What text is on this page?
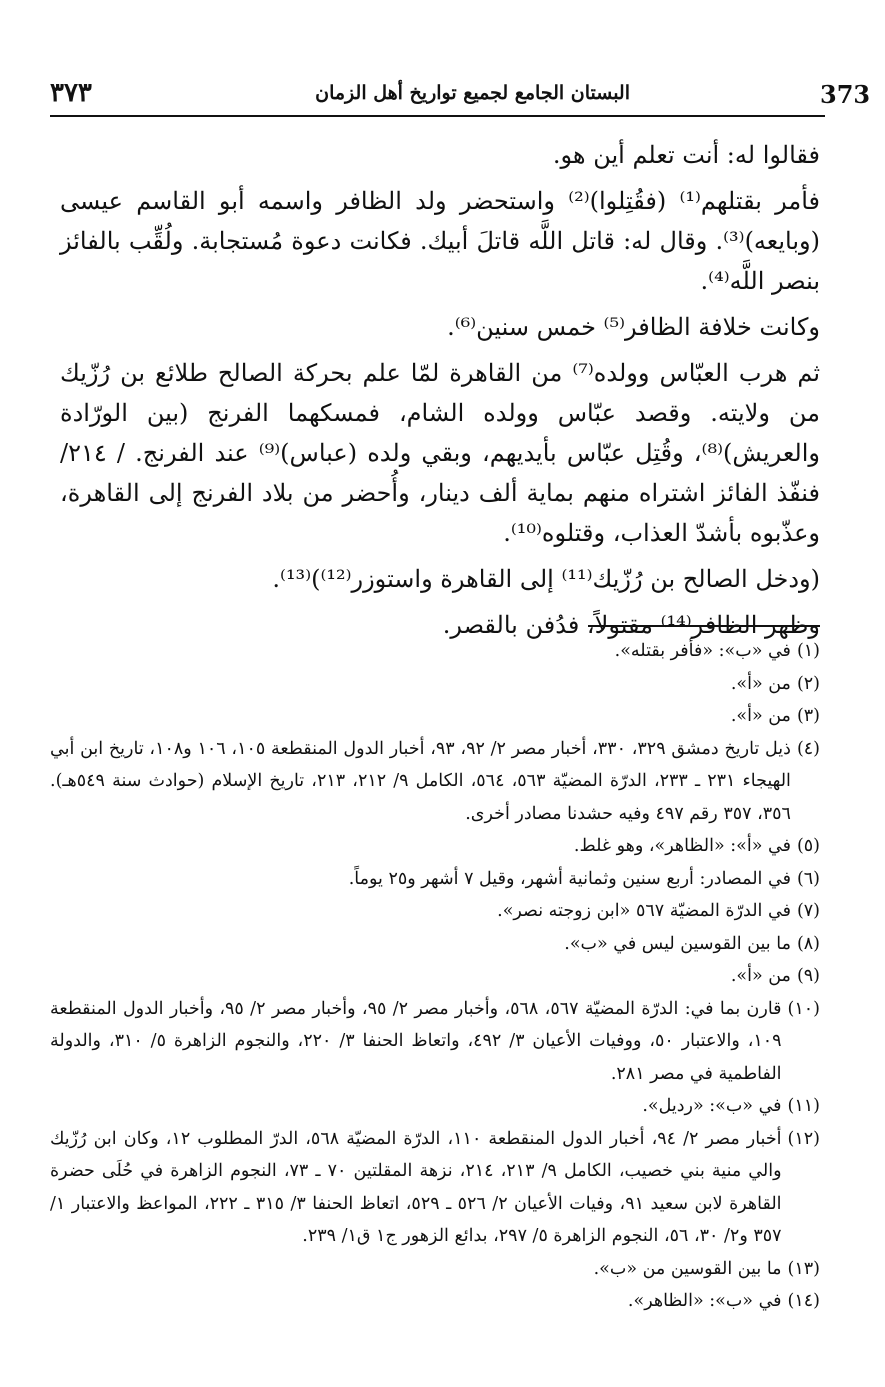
373
البستان الجامع لجميع تواريخ أهل الزمان
٣٧٣

فقالوا له: أنت تعلم أين هو.

فأمر بقتلهم⁽¹⁾ (فقُتِلوا)⁽²⁾ واستحضر ولد الظافر واسمه أبو القاسم عيسى (وبايعه)⁽³⁾. وقال له: قاتل اللَّه قاتلَ أبيك. فكانت دعوة مُستجابة. ولُقِّب بالفائز بنصر اللَّه⁽⁴⁾.

وكانت خلافة الظافر⁽⁵⁾ خمس سنين⁽⁶⁾.

ثم هرب العبّاس وولده⁽⁷⁾ من القاهرة لمّا علم بحركة الصالح طلائع بن رُزّيك من ولايته. وقصد عبّاس وولده الشام، فمسكهما الفرنج (بين الورّادة والعريش)⁽⁸⁾، وقُتِل عبّاس بأيديهم، وبقي ولده (عباس)⁽⁹⁾ عند الفرنج. / ٢١٤/ فنفّذ الفائز اشتراه منهم بماية ألف دينار، وأُحضر من بلاد الفرنج إلى القاهرة، وعذّبوه بأشدّ العذاب، وقتلوه⁽¹⁰⁾.

(ودخل الصالح بن رُزّيك⁽¹¹⁾ إلى القاهرة واستوزر⁽¹²⁾)⁽¹³⁾.

وظهر الظافر⁽¹⁴⁾ مقتولاً، فدُفن بالقصر.

(١)
في «ب»: «فأفر بقتله».
(٢)
من «أ».
(٣)
من «أ».
(٤)
ذيل تاريخ دمشق ٣٢٩، ٣٣٠، أخبار مصر ٢/ ٩٢، ٩٣، أخبار الدول المنقطعة ١٠٥، ١٠٦ و١٠٨، تاريخ ابن أبي الهيجاء ٢٣١ ـ ٢٣٣، الدرّة المضيّة ٥٦٣، ٥٦٤، الكامل ٩/ ٢١٢، ٢١٣، تاريخ الإسلام (حوادث سنة ٥٤٩هـ). ٣٥٦، ٣٥٧ رقم ٤٩٧ وفيه حشدنا مصادر أخرى.
(٥)
في «أ»: «الظاهر»، وهو غلط.
(٦)
في المصادر: أربع سنين وثمانية أشهر، وقيل ٧ أشهر و٢٥ يوماً.
(٧)
في الدرّة المضيّة ٥٦٧ «ابن زوجته نصر».
(٨)
ما بين القوسين ليس في «ب».
(٩)
من «أ».
(١٠)
قارن بما في: الدرّة المضيّة ٥٦٧، ٥٦٨، وأخبار مصر ٢/ ٩٥، وأخبار مصر ٢/ ٩٥، وأخبار الدول المنقطعة ١٠٩، والاعتبار ٥٠، ووفيات الأعيان ٣/ ٤٩٢، واتعاظ الحنفا ٣/ ٢٢٠، والنجوم الزاهرة ٥/ ٣١٠، والدولة الفاطمية في مصر ٢٨١.
(١١)
في «ب»: «رديل».
(١٢)
أخبار مصر ٢/ ٩٤، أخبار الدول المنقطعة ١١٠، الدرّة المضيّة ٥٦٨، الدرّ المطلوب ١٢، وكان ابن رُزّيك والي منية بني خصيب، الكامل ٩/ ٢١٣، ٢١٤، نزهة المقلتين ٧٠ ـ ٧٣، النجوم الزاهرة في حُلَى حضرة القاهرة لابن سعيد ٩١، وفيات الأعيان ٢/ ٥٢٦ ـ ٥٢٩، اتعاظ الحنفا ٣/ ٣١٥ ـ ٢٢٢، المواعظ والاعتبار ١/ ٣٥٧ و٢/ ٣٠، ٥٦، النجوم الزاهرة ٥/ ٢٩٧، بدائع الزهور ج١ ق١/ ٢٣٩.
(١٣)
ما بين القوسين من «ب».
(١٤)
في «ب»: «الظاهر».
